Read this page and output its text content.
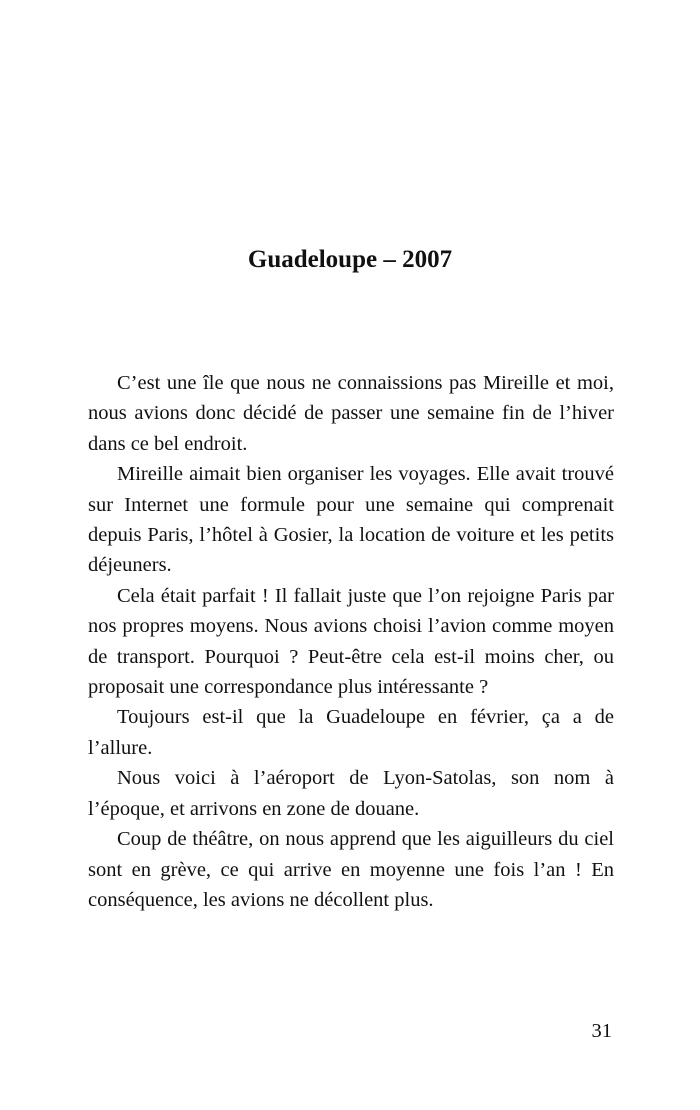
Guadeloupe – 2007

C’est une île que nous ne connaissions pas Mireille et moi, nous avions donc décidé de passer une semaine fin de l’hiver dans ce bel endroit.

Mireille aimait bien organiser les voyages. Elle avait trouvé sur Internet une formule pour une semaine qui comprenait depuis Paris, l’hôtel à Gosier, la location de voiture et les petits déjeuners.

Cela était parfait ! Il fallait juste que l’on rejoigne Paris par nos propres moyens. Nous avions choisi l’avion comme moyen de transport. Pourquoi ? Peut-être cela est-il moins cher, ou proposait une correspondance plus intéressante ?

Toujours est-il que la Guadeloupe en février, ça a de l’allure.

Nous voici à l’aéroport de Lyon-Satolas, son nom à l’époque, et arrivons en zone de douane.

Coup de théâtre, on nous apprend que les aiguilleurs du ciel sont en grève, ce qui arrive en moyenne une fois l’an ! En conséquence, les avions ne décollent plus.

31
